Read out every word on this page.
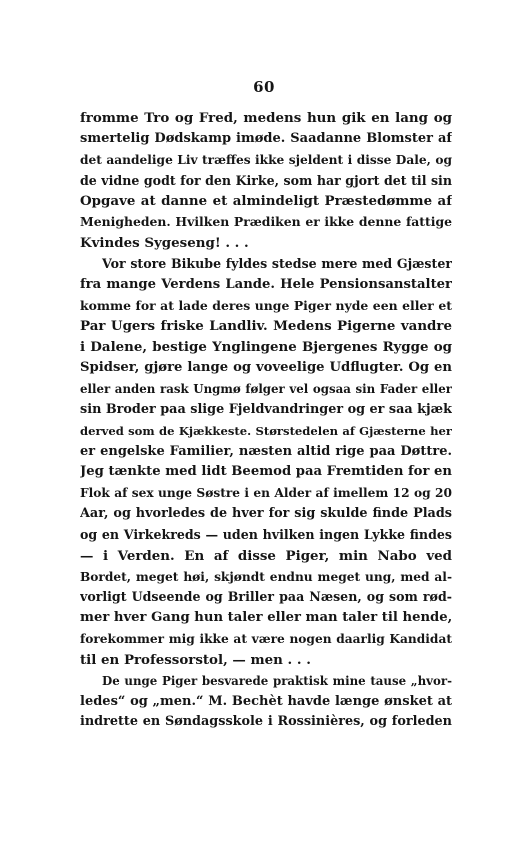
60
fromme Tro og Fred, medens hun gik en lang og
smertelig Dødskamp imøde. Saadanne Blomster af
det aandelige Liv træffes ikke sjeldent i disse Dale, og
de vidne godt for den Kirke, som har gjort det til sin
Opgave at danne et almindeligt Præstedømme af
Menigheden. Hvilken Prædiken er ikke denne fattige
Kvindes Sygeseng! . . .
Vor store Bikube fyldes stedse mere med Gjæster
fra mange Verdens Lande. Hele Pensionsanstalter
komme for at lade deres unge Piger nyde een eller et
Par Ugers friske Landliv. Medens Pigerne vandre
i Dalene, bestige Ynglingene Bjergenes Rygge og
Spidser, gjøre lange og voveelige Udflugter. Og en
eller anden rask Ungmø følger vel ogsaa sin Fader eller
sin Broder paa slige Fjeldvandringer og er saa kjæk
derved som de Kjækkeste. Størstedelen af Gjæsterne her
er engelske Familier, næsten altid rige paa Døttre.
Jeg tænkte med lidt Beemod paa Fremtiden for en
Flok af sex unge Søstre i en Alder af imellem 12 og 20
Aar, og hvorledes de hver for sig skulde finde Plads
og en Virkekreds — uden hvilken ingen Lykke findes
— i Verden. En af disse Piger, min Nabo ved
Bordet, meget høi, skjøndt endnu meget ung, med al-
vorligt Udseende og Briller paa Næsen, og som rød-
mer hver Gang hun taler eller man taler til hende,
forekommer mig ikke at være nogen daarlig Kandidat
til en Professorstol, — men . . .
De unge Piger besvarede praktisk mine tause „hvor-
ledes“ og „men.“ M. Bechèt havde længe ønsket at
indrette en Søndagsskole i Rossinières, og forleden
